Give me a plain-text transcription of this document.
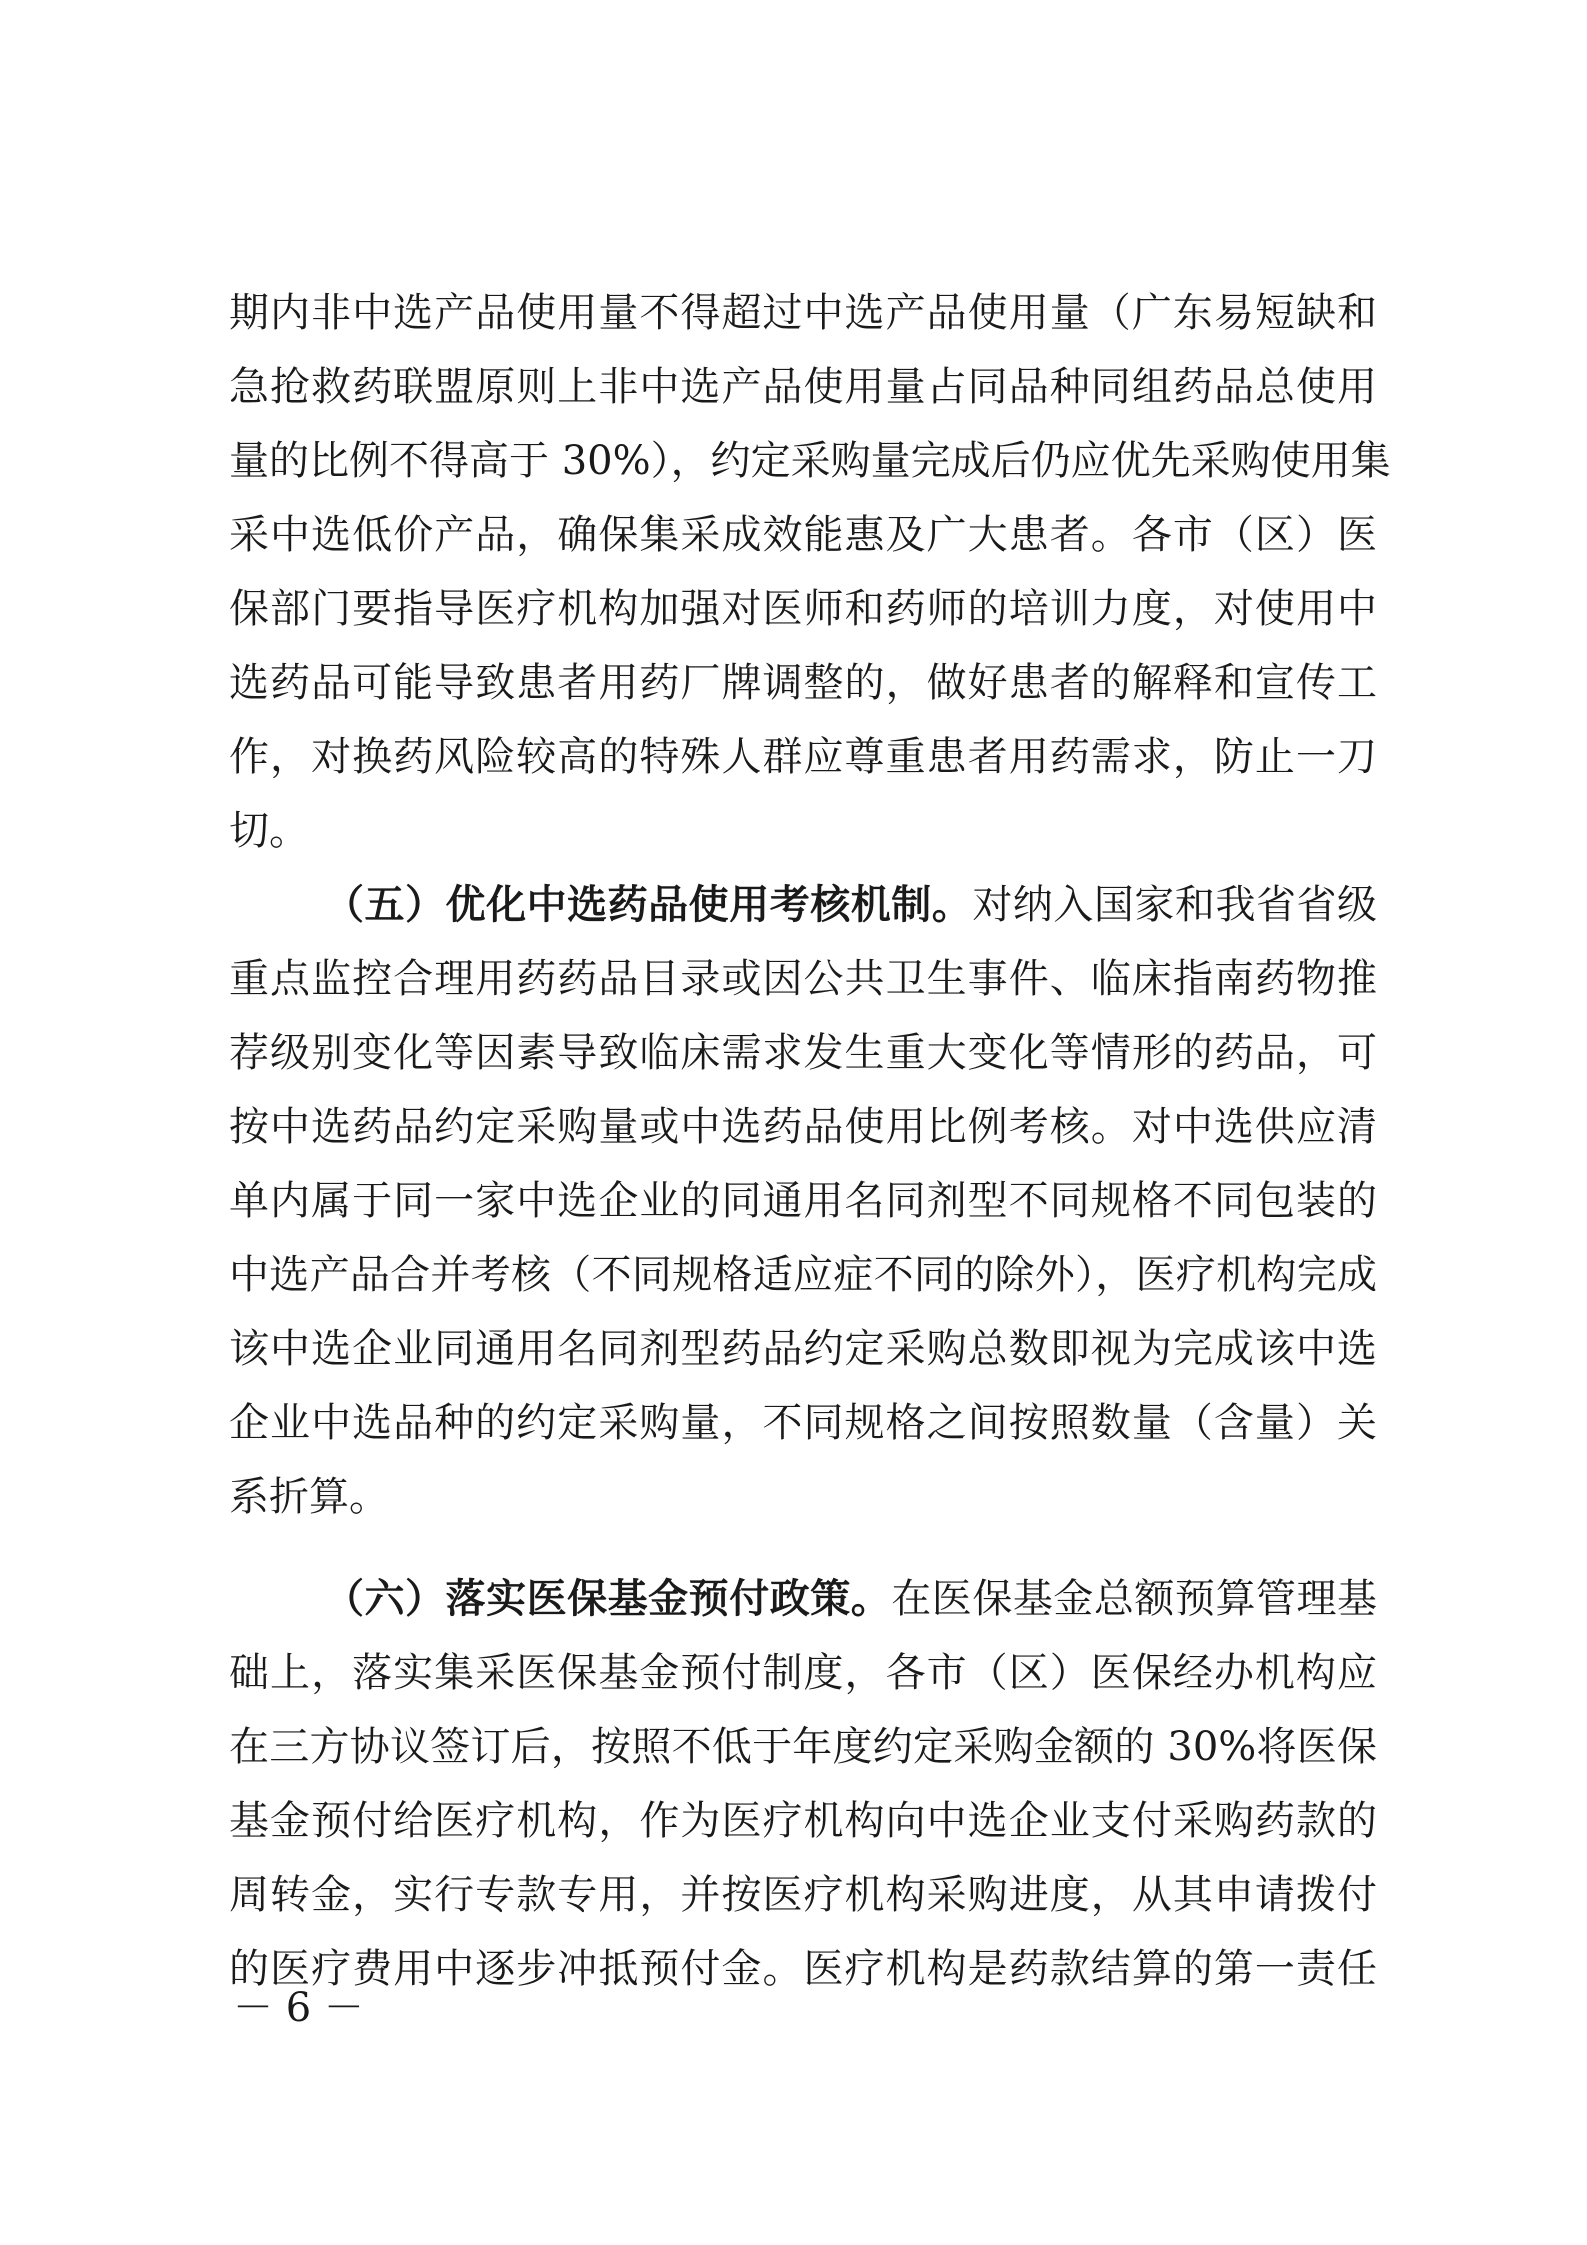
期内非中选产品使用量不得超过中选产品使用量（广东易短缺和
急抢救药联盟原则上非中选产品使用量占同品种同组药品总使用
量的比例不得高于 30%），约定采购量完成后仍应优先采购使用集
采中选低价产品，确保集采成效能惠及广大患者。各市（区）医
保部门要指导医疗机构加强对医师和药师的培训力度，对使用中
选药品可能导致患者用药厂牌调整的，做好患者的解释和宣传工
作，对换药风险较高的特殊人群应尊重患者用药需求，防止一刀
切。
（五）优化中选药品使用考核机制。对纳入国家和我省省级
重点监控合理用药药品目录或因公共卫生事件、临床指南药物推
荐级别变化等因素导致临床需求发生重大变化等情形的药品，可
按中选药品约定采购量或中选药品使用比例考核。对中选供应清
单内属于同一家中选企业的同通用名同剂型不同规格不同包装的
中选产品合并考核（不同规格适应症不同的除外），医疗机构完成
该中选企业同通用名同剂型药品约定采购总数即视为完成该中选
企业中选品种的约定采购量，不同规格之间按照数量（含量）关
系折算。
（六）落实医保基金预付政策。在医保基金总额预算管理基
础上，落实集采医保基金预付制度，各市（区）医保经办机构应
在三方协议签订后，按照不低于年度约定采购金额的 30%将医保
基金预付给医疗机构，作为医疗机构向中选企业支付采购药款的
周转金，实行专款专用，并按医疗机构采购进度，从其申请拨付
的医疗费用中逐步冲抵预付金。医疗机构是药款结算的第一责任
－ 6 －
